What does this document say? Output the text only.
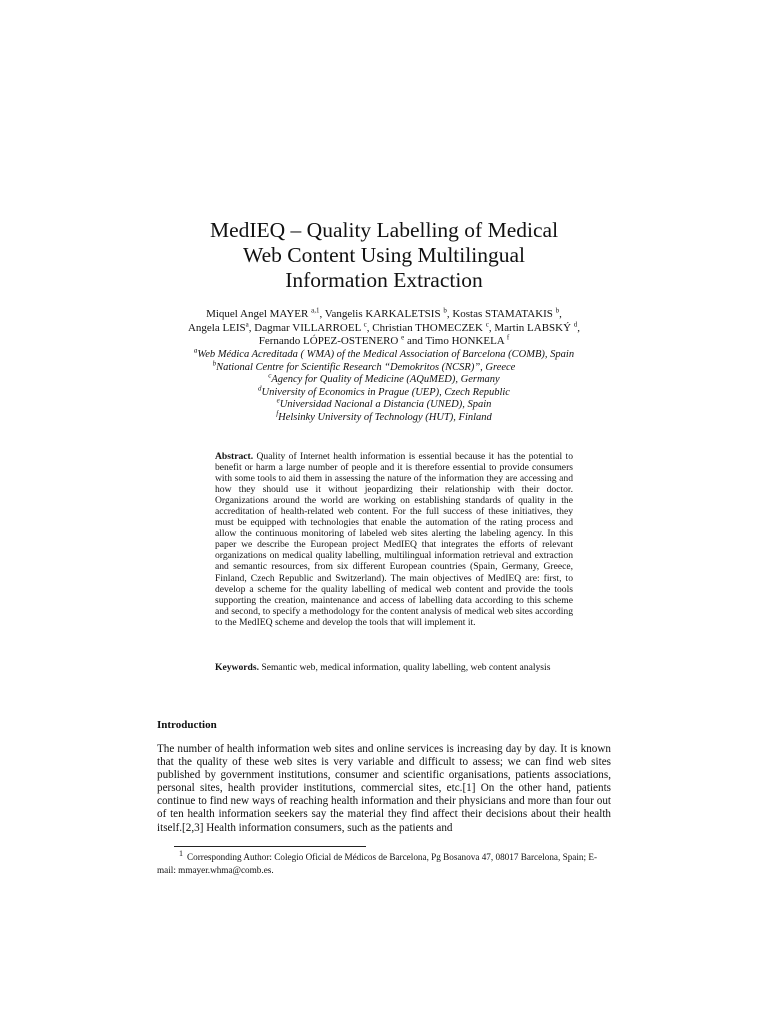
MedIEQ – Quality Labelling of Medical
Web Content Using Multilingual
Information Extraction
Miquel Angel MAYER $^{a,1}$, Vangelis KARKALETSIS $^b$, Kostas STAMATAKIS $^b$,
Angela LEIS$^a$, Dagmar VILLARROEL $^c$, Christian THOMECZEK $^c$, Martin LABSKÝ $^d$,
Fernando LÓPEZ-OSTENERO $^e$ and Timo HONKELA $^f$
$^a$Web Médica Acreditada ( WMA) of the Medical Association of Barcelona (COMB), Spain
$^b$National Centre for Scientific Research “Demokritos (NCSR)”, Greece
$^c$Agency for Quality of Medicine (AQuMED), Germany
$^d$University of Economics in Prague (UEP), Czech Republic
$^e$Universidad Nacional a Distancia (UNED), Spain
$^f$Helsinky University of Technology (HUT), Finland
Abstract. Quality of Internet health information is essential because it has the potential to benefit or harm a large number of people and it is therefore essential to provide consumers with some tools to aid them in assessing the nature of the information they are accessing and how they should use it without jeopardizing their relationship with their doctor. Organizations around the world are working on establishing standards of quality in the accreditation of health-related web content. For the full success of these initiatives, they must be equipped with technologies that enable the automation of the rating process and allow the continuous monitoring of labeled web sites alerting the labeling agency. In this paper we describe the European project MedIEQ that integrates the efforts of relevant organizations on medical quality labelling, multilingual information retrieval and extraction and semantic resources, from six different European countries (Spain, Germany, Greece, Finland, Czech Republic and Switzerland). The main objectives of MedIEQ are: first, to develop a scheme for the quality labelling of medical web content and provide the tools supporting the creation, maintenance and access of labelling data according to this scheme and second, to specify a methodology for the content analysis of medical web sites according to the MedIEQ scheme and develop the tools that will implement it.
Keywords. Semantic web, medical information, quality labelling, web content analysis
Introduction
The number of health information web sites and online services is increasing day by day. It is known that the quality of these web sites is very variable and difficult to assess; we can find web sites published by government institutions, consumer and scientific organisations, patients associations, personal sites, health provider institutions, commercial sites, etc.[1] On the other hand, patients continue to find new ways of reaching health information and their physicians and more than four out of ten health information seekers say the material they find affect their decisions about their health itself.[2,3] Health information consumers, such as the patients and
1 Corresponding Author: Colegio Oficial de Médicos de Barcelona, Pg Bosanova 47, 08017 Barcelona, Spain; E-mail: mmayer.whma@comb.es.
